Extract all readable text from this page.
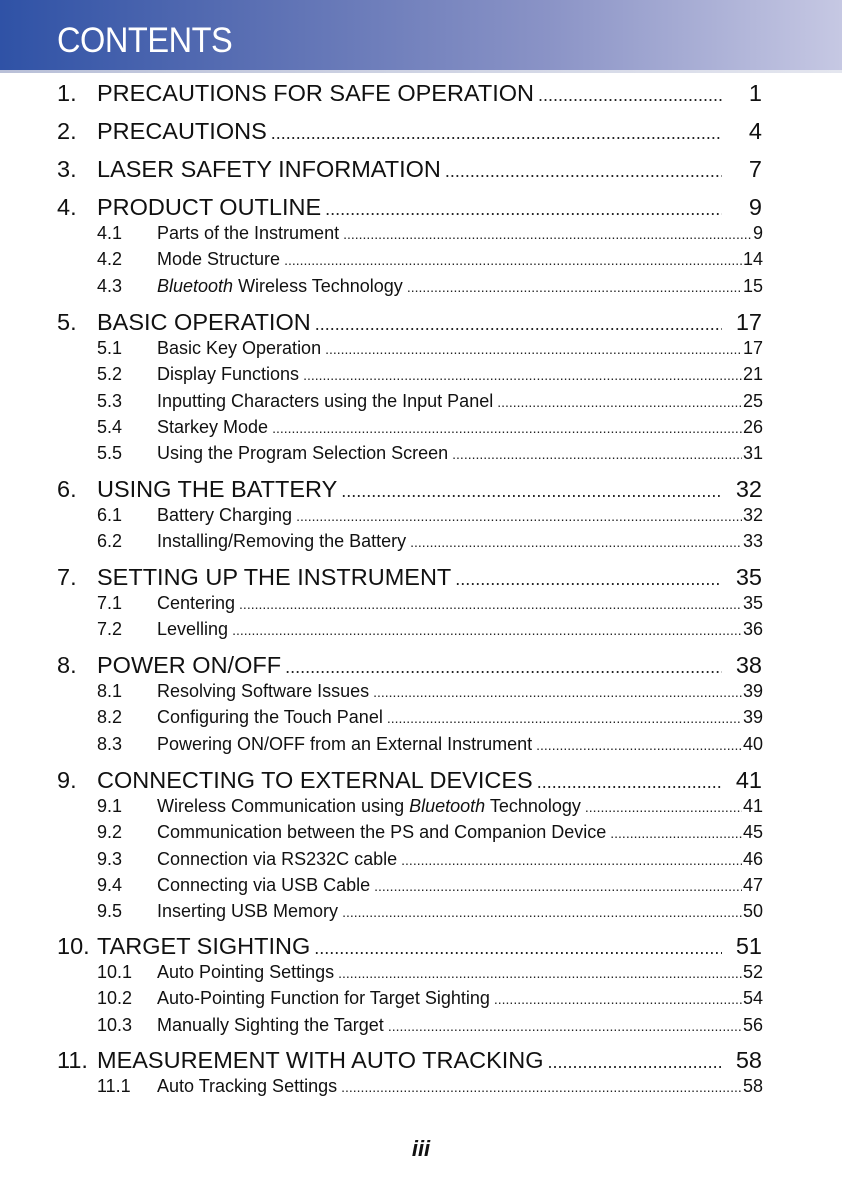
CONTENTS
1. PRECAUTIONS FOR SAFE OPERATION .....	1
2. PRECAUTIONS .....	4
3. LASER SAFETY INFORMATION .....	7
4. PRODUCT OUTLINE .....	9
4.1	Parts of the Instrument .....	9
4.2	Mode Structure .....	14
4.3	Bluetooth Wireless Technology .....	15
5. BASIC OPERATION .....	17
5.1	Basic Key Operation .....	17
5.2	Display Functions .....	21
5.3	Inputting Characters using the Input Panel .....	25
5.4	Starkey Mode .....	26
5.5	Using the Program Selection Screen .....	31
6. USING THE BATTERY .....	32
6.1	Battery Charging .....	32
6.2	Installing/Removing the Battery .....	33
7. SETTING UP THE INSTRUMENT .....	35
7.1	Centering .....	35
7.2	Levelling .....	36
8. POWER ON/OFF .....	38
8.1	Resolving Software Issues .....	39
8.2	Configuring the Touch Panel .....	39
8.3	Powering ON/OFF from an External Instrument .....	40
9. CONNECTING TO EXTERNAL DEVICES .....	41
9.1	Wireless Communication using Bluetooth Technology .....	41
9.2	Communication between the PS and Companion Device .....	45
9.3	Connection via RS232C cable .....	46
9.4	Connecting via USB Cable .....	47
9.5	Inserting USB Memory .....	50
10. TARGET SIGHTING .....	51
10.1	Auto Pointing Settings .....	52
10.2	Auto-Pointing Function for Target Sighting .....	54
10.3	Manually Sighting the Target .....	56
11. MEASUREMENT WITH AUTO TRACKING .....	58
11.1	Auto Tracking Settings .....	58
iii
